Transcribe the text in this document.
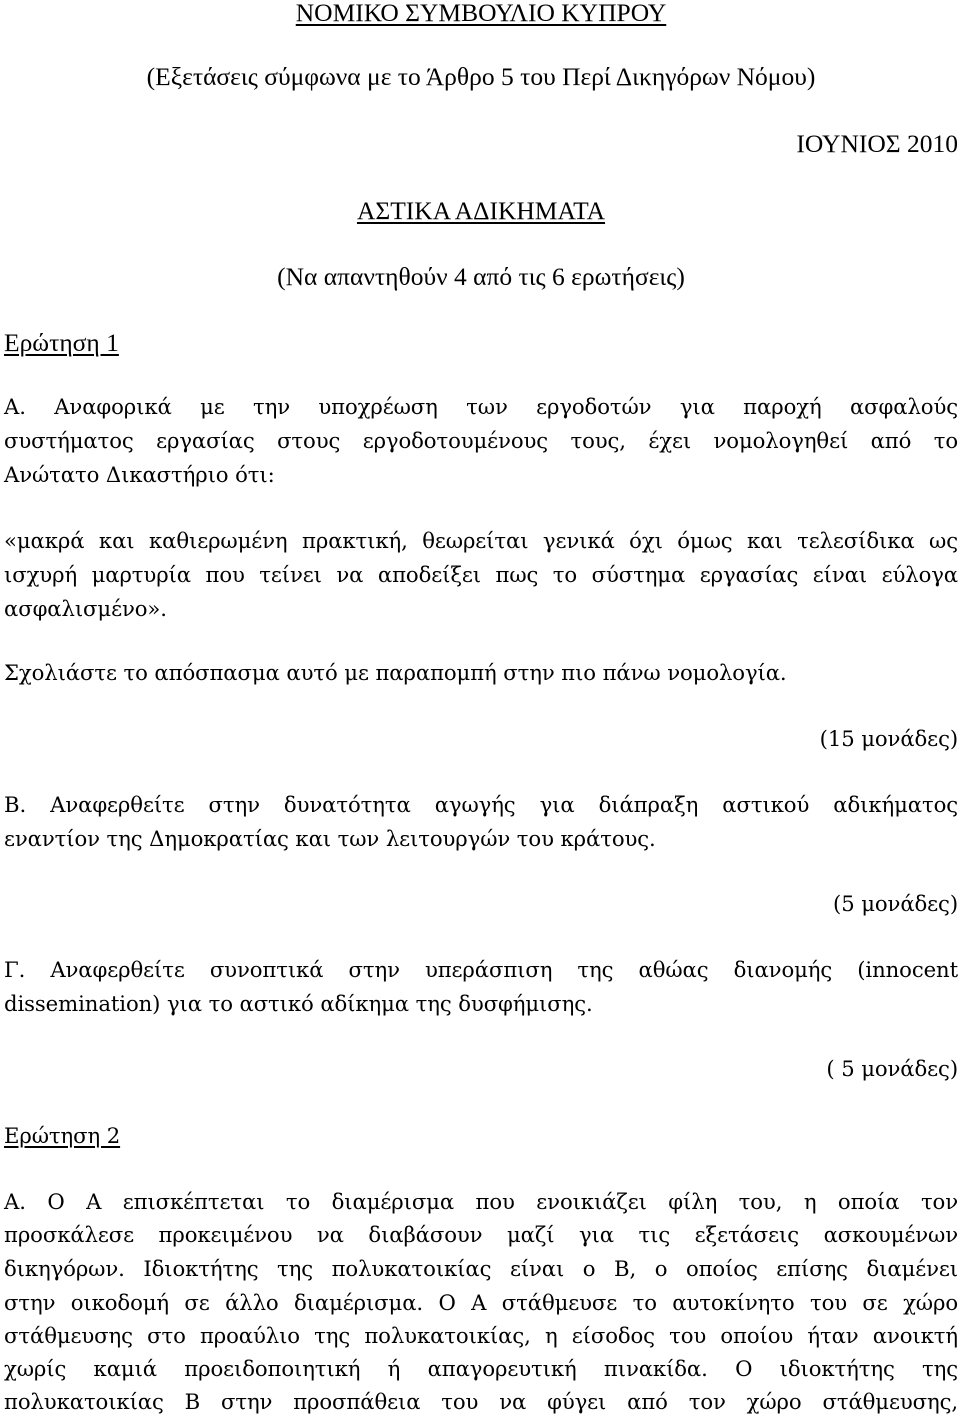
ΝΟΜΙΚΟ ΣΥΜΒΟΥΛΙΟ ΚΥΠΡΟΥ
(Εξετάσεις σύμφωνα με το Άρθρο 5 του Περί Δικηγόρων Νόμου)
ΙΟΥΝΙΟΣ 2010
ΑΣΤΙΚΑ ΑΔΙΚΗΜΑΤΑ
(Να απαντηθούν 4 από τις 6 ερωτήσεις)
Ερώτηση 1
Α. Αναφορικά με την υποχρέωση των εργοδοτών για παροχή ασφαλούς
συστήματος εργασίας στους εργοδοτουμένους τους, έχει νομολογηθεί από το
Ανώτατο Δικαστήριο ότι:
«μακρά και καθιερωμένη πρακτική, θεωρείται γενικά όχι όμως και τελεσίδικα ως
ισχυρή μαρτυρία που τείνει να αποδείξει πως το σύστημα εργασίας είναι εύλογα
ασφαλισμένο».
Σχολιάστε το απόσπασμα αυτό με παραπομπή στην πιο πάνω νομολογία.
(15 μονάδες)
Β. Αναφερθείτε στην δυνατότητα αγωγής για διάπραξη αστικού αδικήματος
εναντίον της Δημοκρατίας και των λειτουργών του κράτους.
(5 μονάδες)
Γ. Αναφερθείτε συνοπτικά στην υπεράσπιση της αθώας διανομής (innocent
dissemination) για το αστικό αδίκημα της δυσφήμισης.
( 5 μονάδες)
Ερώτηση 2
Α. Ο Α επισκέπτεται το διαμέρισμα που ενοικιάζει φίλη του, η οποία τον
προσκάλεσε προκειμένου να διαβάσουν μαζί για τις εξετάσεις ασκουμένων
δικηγόρων. Ιδιοκτήτης της πολυκατοικίας είναι ο Β, ο οποίος επίσης διαμένει
στην οικοδομή σε άλλο διαμέρισμα. Ο Α στάθμευσε το αυτοκίνητο του σε χώρο
στάθμευσης στο προαύλιο της πολυκατοικίας, η είσοδος του οποίου ήταν ανοικτή
χωρίς καμιά προειδοποιητική ή απαγορευτική πινακίδα. Ο ιδιοκτήτης της
πολυκατοικίας Β στην προσπάθεια του να φύγει από τον χώρο στάθμευσης,
